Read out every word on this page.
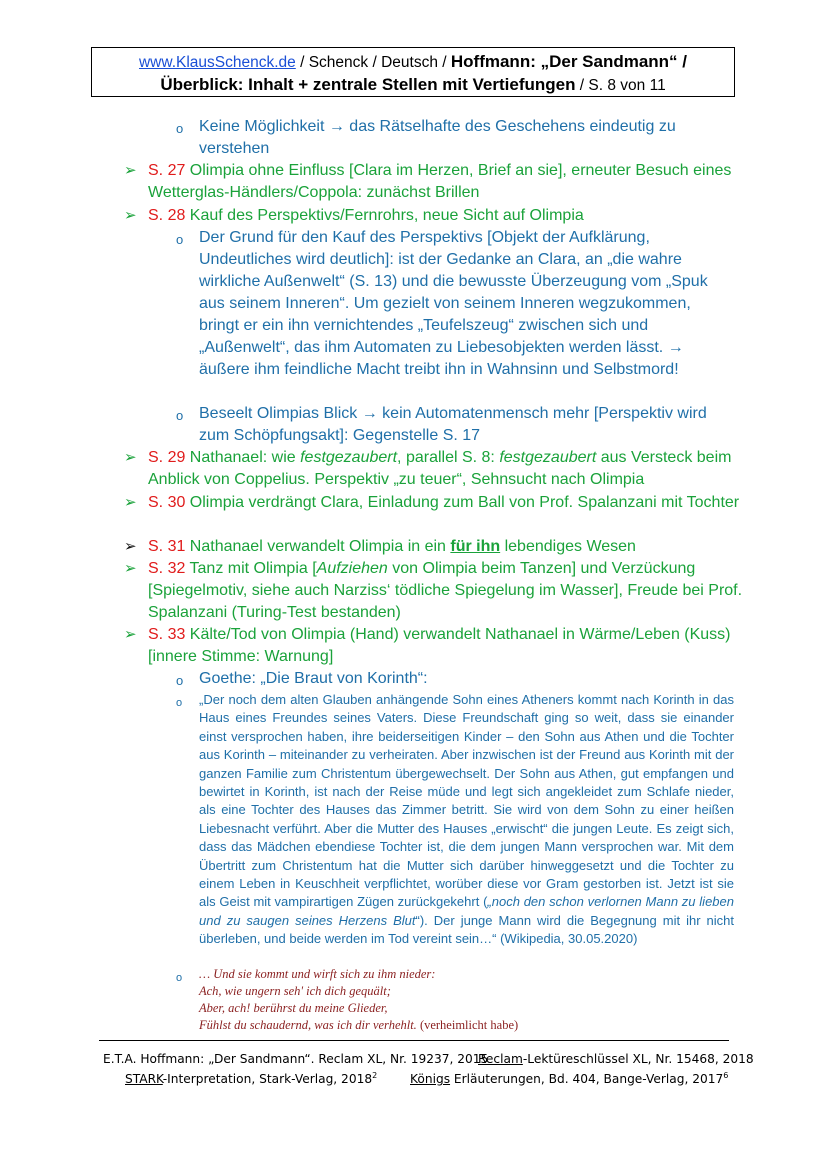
www.KlausSchenck.de / Schenck / Deutsch / Hoffmann: „Der Sandmann“ /
Überblick: Inhalt + zentrale Stellen mit Vertiefungen / S. 8 von 11
o Keine Möglichkeit → das Rätselhafte des Geschehens eindeutig zu verstehen
➢ S. 27 Olimpia ohne Einfluss [Clara im Herzen, Brief an sie], erneuter Besuch eines Wetterglas-Händlers/Coppola: zunächst Brillen
➢ S. 28 Kauf des Perspektivs/Fernrohrs, neue Sicht auf Olimpia
o Der Grund für den Kauf des Perspektivs [Objekt der Aufklärung, Undeutliches wird deutlich]: ist der Gedanke an Clara, an „die wahre wirkliche Außenwelt“ (S. 13) und die bewusste Überzeugung vom „Spuk aus seinem Inneren“. Um gezielt von seinem Inneren wegzukommen, bringt er ein ihn vernichtendes „Teufelszeug“ zwischen sich und „Außenwelt“, das ihm Automaten zu Liebesobjekten werden lässt. → äußere ihm feindliche Macht treibt ihn in Wahnsinn und Selbstmord!
o Beseelt Olimpias Blick → kein Automatenmensch mehr [Perspektiv wird zum Schöpfungsakt]: Gegenstelle S. 17
➢ S. 29 Nathanael: wie festgezaubert, parallel S. 8: festgezaubert aus Versteck beim Anblick von Coppelius. Perspektiv „zu teuer“, Sehnsucht nach Olimpia
➢ S. 30 Olimpia verdrängt Clara, Einladung zum Ball von Prof. Spalanzani mit Tochter
➢ S. 31 Nathanael verwandelt Olimpia in ein für ihn lebendiges Wesen
➢ S. 32 Tanz mit Olimpia [Aufziehen von Olimpia beim Tanzen] und Verzückung [Spiegelmotiv, siehe auch Narziss‘ tödliche Spiegelung im Wasser], Freude bei Prof. Spalanzani (Turing-Test bestanden)
➢ S. 33 Kälte/Tod von Olimpia (Hand) verwandelt Nathanael in Wärme/Leben (Kuss) [innere Stimme: Warnung]
o Goethe: „Die Braut von Korinth“:
o „Der noch dem alten Glauben anhängende Sohn eines Atheners kommt nach Korinth in das Haus eines Freundes seines Vaters. Diese Freundschaft ging so weit, dass sie einander einst versprochen haben, ihre beiderseitigen Kinder – den Sohn aus Athen und die Tochter aus Korinth – miteinander zu verheiraten. Aber inzwischen ist der Freund aus Korinth mit der ganzen Familie zum Christentum übergewechselt. Der Sohn aus Athen, gut empfangen und bewirtet in Korinth, ist nach der Reise müde und legt sich angekleidet zum Schlafe nieder, als eine Tochter des Hauses das Zimmer betritt. Sie wird von dem Sohn zu einer heißen Liebesnacht verführt. Aber die Mutter des Hauses „erwischt“ die jungen Leute. Es zeigt sich, dass das Mädchen ebendiese Tochter ist, die dem jungen Mann versprochen war. Mit dem Übertritt zum Christentum hat die Mutter sich darüber hinweggesetzt und die Tochter zu einem Leben in Keuschheit verpflichtet, worüber diese vor Gram gestorben ist. Jetzt ist sie als Geist mit vampirartigen Zügen zurückgekehrt („noch den schon verlornen Mann zu lieben und zu saugen seines Herzens Blut“). Der junge Mann wird die Begegnung mit ihr nicht überleben, und beide werden im Tod vereint sein…“ (Wikipedia, 30.05.2020)
o … Und sie kommt und wirft sich zu ihm nieder:
Ach, wie ungern seh' ich dich gequält;
Aber, ach! berührst du meine Glieder,
Fühlst du schaudernd, was ich dir verhehlt. (verheimlicht habe)
E.T.A. Hoffmann: „Der Sandmann“. Reclam XL, Nr. 19237, 2015
Reclam-Lektüreschlüssel XL, Nr. 15468, 2018
STARK-Interpretation, Stark-Verlag, 2018$^2$	Königs Erläuterungen, Bd. 404, Bange-Verlag, 2017$^6$
